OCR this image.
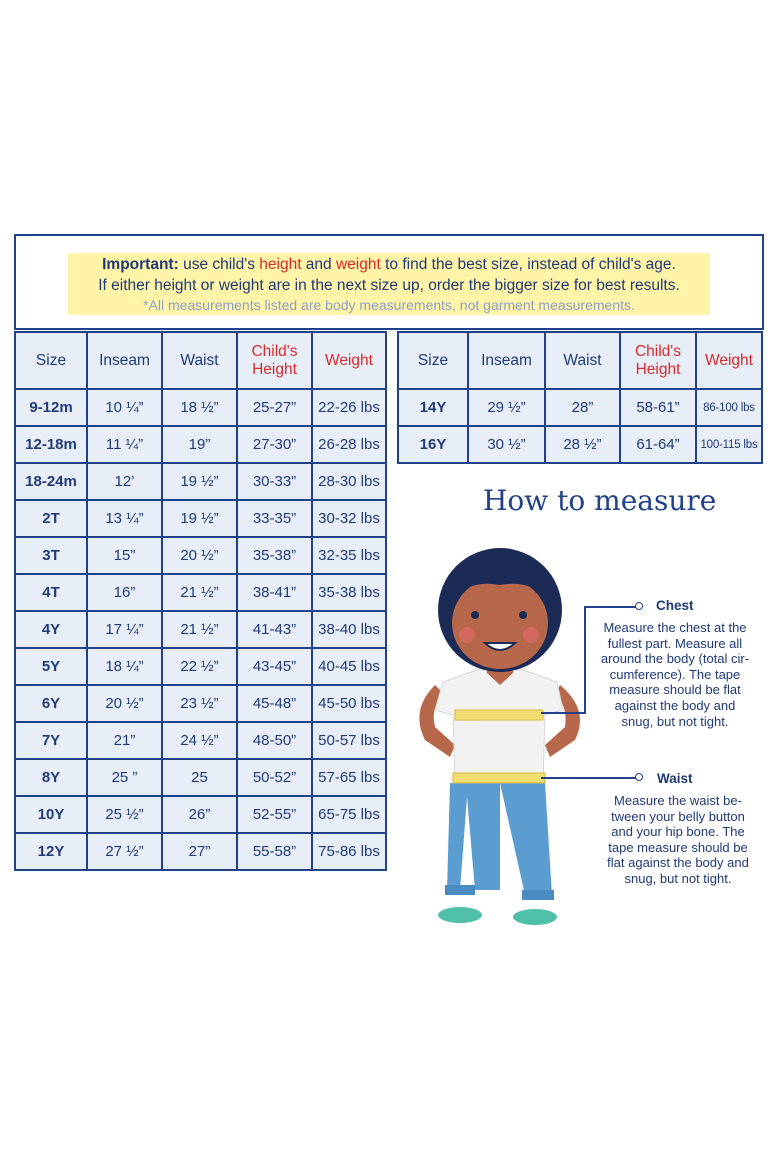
Important: use child's height and weight to find the best size, instead of child's age.
If either height or weight are in the next size up, order the bigger size for best results.
*All measurements listed are body measurements, not garment measurements.
Size	Inseam	Waist	Child's Height	Weight
9-12m	10 ¼”	18 ½”	25-27”	22-26 lbs
12-18m	11 ¼”	19”	27-30”	26-28 lbs
18-24m	12’	19 ½”	30-33”	28-30 lbs
2T	13 ¼”	19 ½”	33-35”	30-32 lbs
3T	15”	20 ½”	35-38”	32-35 lbs
4T	16”	21 ½”	38-41”	35-38 lbs
4Y	17 ¼”	21 ½”	41-43”	38-40 lbs
5Y	18 ¼”	22 ½”	43-45”	40-45 lbs
6Y	20 ½”	23 ½”	45-48”	45-50 lbs
7Y	21”	24 ½”	48-50”	50-57 lbs
8Y	25 ”	25	50-52”	57-65 lbs
10Y	25 ½”	26”	52-55”	65-75 lbs
12Y	27 ½”	27”	55-58”	75-86 lbs
Size	Inseam	Waist	Child's Height	Weight
14Y	29 ½”	28”	58-61”	86-100 lbs
16Y	30 ½”	28 ½”	61-64”	100-115 lbs
How to measure
Chest
Measure the chest at the
fullest part. Measure all
around the body (total cir-
cumference). The tape
measure should be flat
against the body and
snug, but not tight.
Waist
Measure the waist be-
tween your belly button
and your hip bone. The
tape measure should be
flat against the body and
snug, but not tight.
